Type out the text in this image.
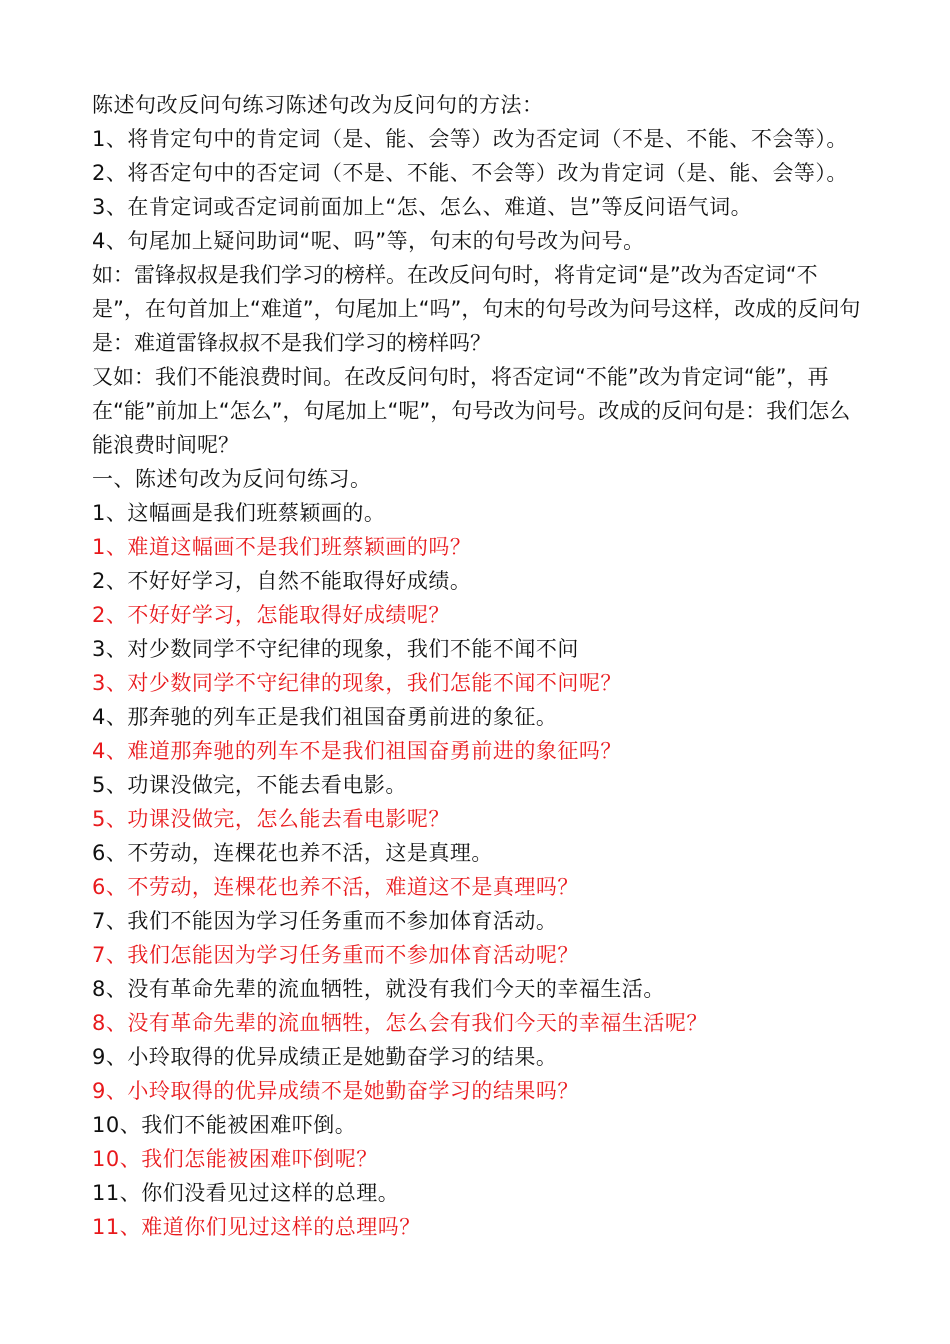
陈述句改反问句练习陈述句改为反问句的方法：
1、将肯定句中的肯定词（是、能、会等）改为否定词（不是、不能、不会等）。
2、将否定句中的否定词（不是、不能、不会等）改为肯定词（是、能、会等）。
3、在肯定词或否定词前面加上“怎、怎么、难道、岂”等反问语气词。
4、句尾加上疑问助词“呢、吗”等，句末的句号改为问号。
如：雷锋叔叔是我们学习的榜样。在改反问句时，将肯定词“是”改为否定词“不是”，在句首加上“难道”，句尾加上“吗”，句末的句号改为问号这样，改成的反问句是：难道雷锋叔叔不是我们学习的榜样吗？
又如：我们不能浪费时间。在改反问句时，将否定词“不能”改为肯定词“能”，再在“能”前加上“怎么”，句尾加上“呢”，句号改为问号。改成的反问句是：我们怎么能浪费时间呢？
一、陈述句改为反问句练习。
1、这幅画是我们班蔡颖画的。
1、难道这幅画不是我们班蔡颖画的吗？
2、不好好学习，自然不能取得好成绩。
2、不好好学习，怎能取得好成绩呢？
3、对少数同学不守纪律的现象，我们不能不闻不问
3、对少数同学不守纪律的现象，我们怎能不闻不问呢？
4、那奔驰的列车正是我们祖国奋勇前进的象征。
4、难道那奔驰的列车不是我们祖国奋勇前进的象征吗？
5、功课没做完，不能去看电影。
5、功课没做完，怎么能去看电影呢？
6、不劳动，连棵花也养不活，这是真理。
6、不劳动，连棵花也养不活，难道这不是真理吗？
7、我们不能因为学习任务重而不参加体育活动。
7、我们怎能因为学习任务重而不参加体育活动呢？
8、没有革命先辈的流血牺牲，就没有我们今天的幸福生活。
8、没有革命先辈的流血牺牲，怎么会有我们今天的幸福生活呢？
9、小玲取得的优异成绩正是她勤奋学习的结果。
9、小玲取得的优异成绩不是她勤奋学习的结果吗？
10、我们不能被困难吓倒。
10、我们怎能被困难吓倒呢？
11、你们没看见过这样的总理。
11、难道你们见过这样的总理吗？
